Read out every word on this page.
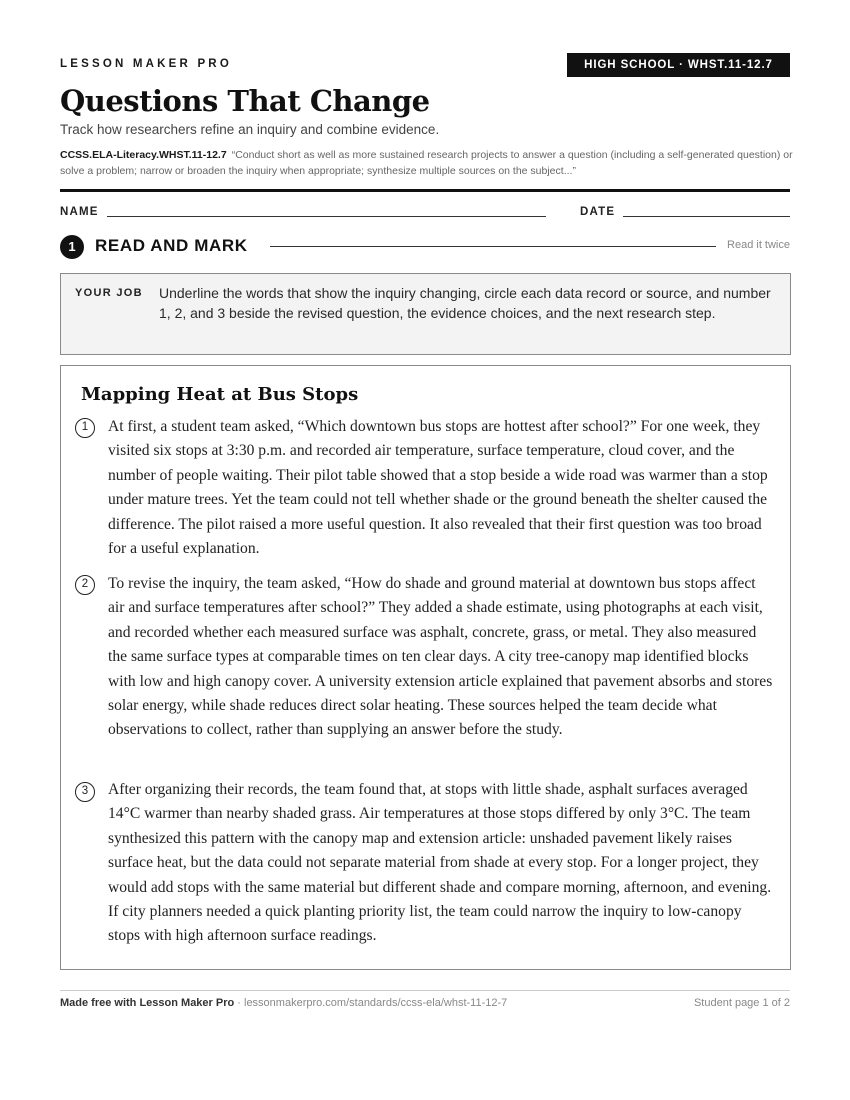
LESSON MAKER PRO	HIGH SCHOOL · WHST.11-12.7
Questions That Change
Track how researchers refine an inquiry and combine evidence.
CCSS.ELA-Literacy.WHST.11-12.7 “Conduct short as well as more sustained research projects to answer a question (including a self-generated question) or solve a problem; narrow or broaden the inquiry when appropriate; synthesize multiple sources on the subject...”
NAME	DATE
1	READ AND MARK	Read it twice
YOUR JOB Underline the words that show the inquiry changing, circle each data record or source, and number 1, 2, and 3 beside the revised question, the evidence choices, and the next research step.
Mapping Heat at Bus Stops
1	At first, a student team asked, “Which downtown bus stops are hottest after school?” For one week, they visited six stops at 3:30 p.m. and recorded air temperature, surface temperature, cloud cover, and the number of people waiting. Their pilot table showed that a stop beside a wide road was warmer than a stop under mature trees. Yet the team could not tell whether shade or the ground beneath the shelter caused the difference. The pilot raised a more useful question. It also revealed that their first question was too broad for a useful explanation.
2	To revise the inquiry, the team asked, “How do shade and ground material at downtown bus stops affect air and surface temperatures after school?” They added a shade estimate, using photographs at each visit, and recorded whether each measured surface was asphalt, concrete, grass, or metal. They also measured the same surface types at comparable times on ten clear days. A city tree-canopy map identified blocks with low and high canopy cover. A university extension article explained that pavement absorbs and stores solar energy, while shade reduces direct solar heating. These sources helped the team decide what observations to collect, rather than supplying an answer before the study.
3	After organizing their records, the team found that, at stops with little shade, asphalt surfaces averaged 14°C warmer than nearby shaded grass. Air temperatures at those stops differed by only 3°C. The team synthesized this pattern with the canopy map and extension article: unshaded pavement likely raises surface heat, but the data could not separate material from shade at every stop. For a longer project, they would add stops with the same material but different shade and compare morning, afternoon, and evening. If city planners needed a quick planting priority list, the team could narrow the inquiry to low-canopy stops with high afternoon surface readings.
Made free with Lesson Maker Pro · lessonmakerpro.com/standards/ccss-ela/whst-11-12-7	Student page 1 of 2
